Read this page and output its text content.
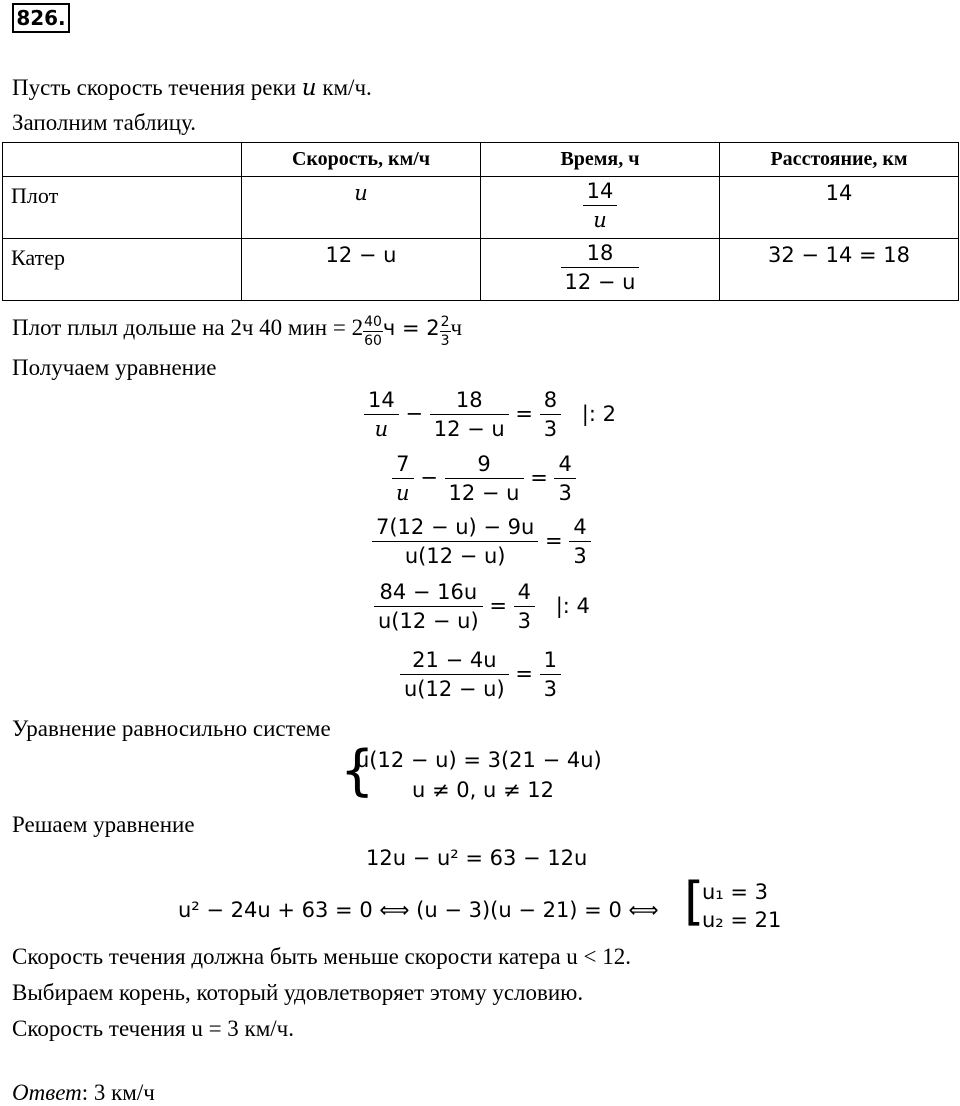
826.
Пусть скорость течения реки u км/ч.
Заполним таблицу.
	Скорость, км/ч	Время, ч	Расстояние, км
Плот	u	$\frac{14}{u}$	14
Катер	12 − u	$\frac{18}{12 - u}$	32 − 14 = 18
Плот плыл дольше на 2ч 40 мин = $2 \frac{40}{60}$ $ч = 2 \frac{2}{3}$ ч
Получаем уравнение
$\frac{14}{u} - \frac{18}{12 - u} = \frac{8}{3}$ |: 2
$\frac{7}{u} - \frac{9}{12 - u} = \frac{4}{3}$
$\frac{7(12 - u) - 9u}{u(12 - u)} = \frac{4}{3}$
$\frac{84 - 16u}{u(12 - u)} = \frac{4}{3}$ |: 4
$\frac{21 - 4u}{u(12 - u)} = \frac{1}{3}$
Уравнение равносильно системе
{
u(12 − u) = 3(21 − 4u)
u ≠ 0, u ≠ 12
Решаем уравнение
12u − u² = 63 − 12u
u² − 24u + 63 = 0 ⟺ (u − 3)(u − 21) = 0 ⟺ [
u₁ = 3
u₂ = 21
Скорость течения должна быть меньше скорости катера u < 12.
Выбираем корень, который удовлетворяет этому условию.
Скорость течения u = 3 км/ч.
Ответ: 3 км/ч
